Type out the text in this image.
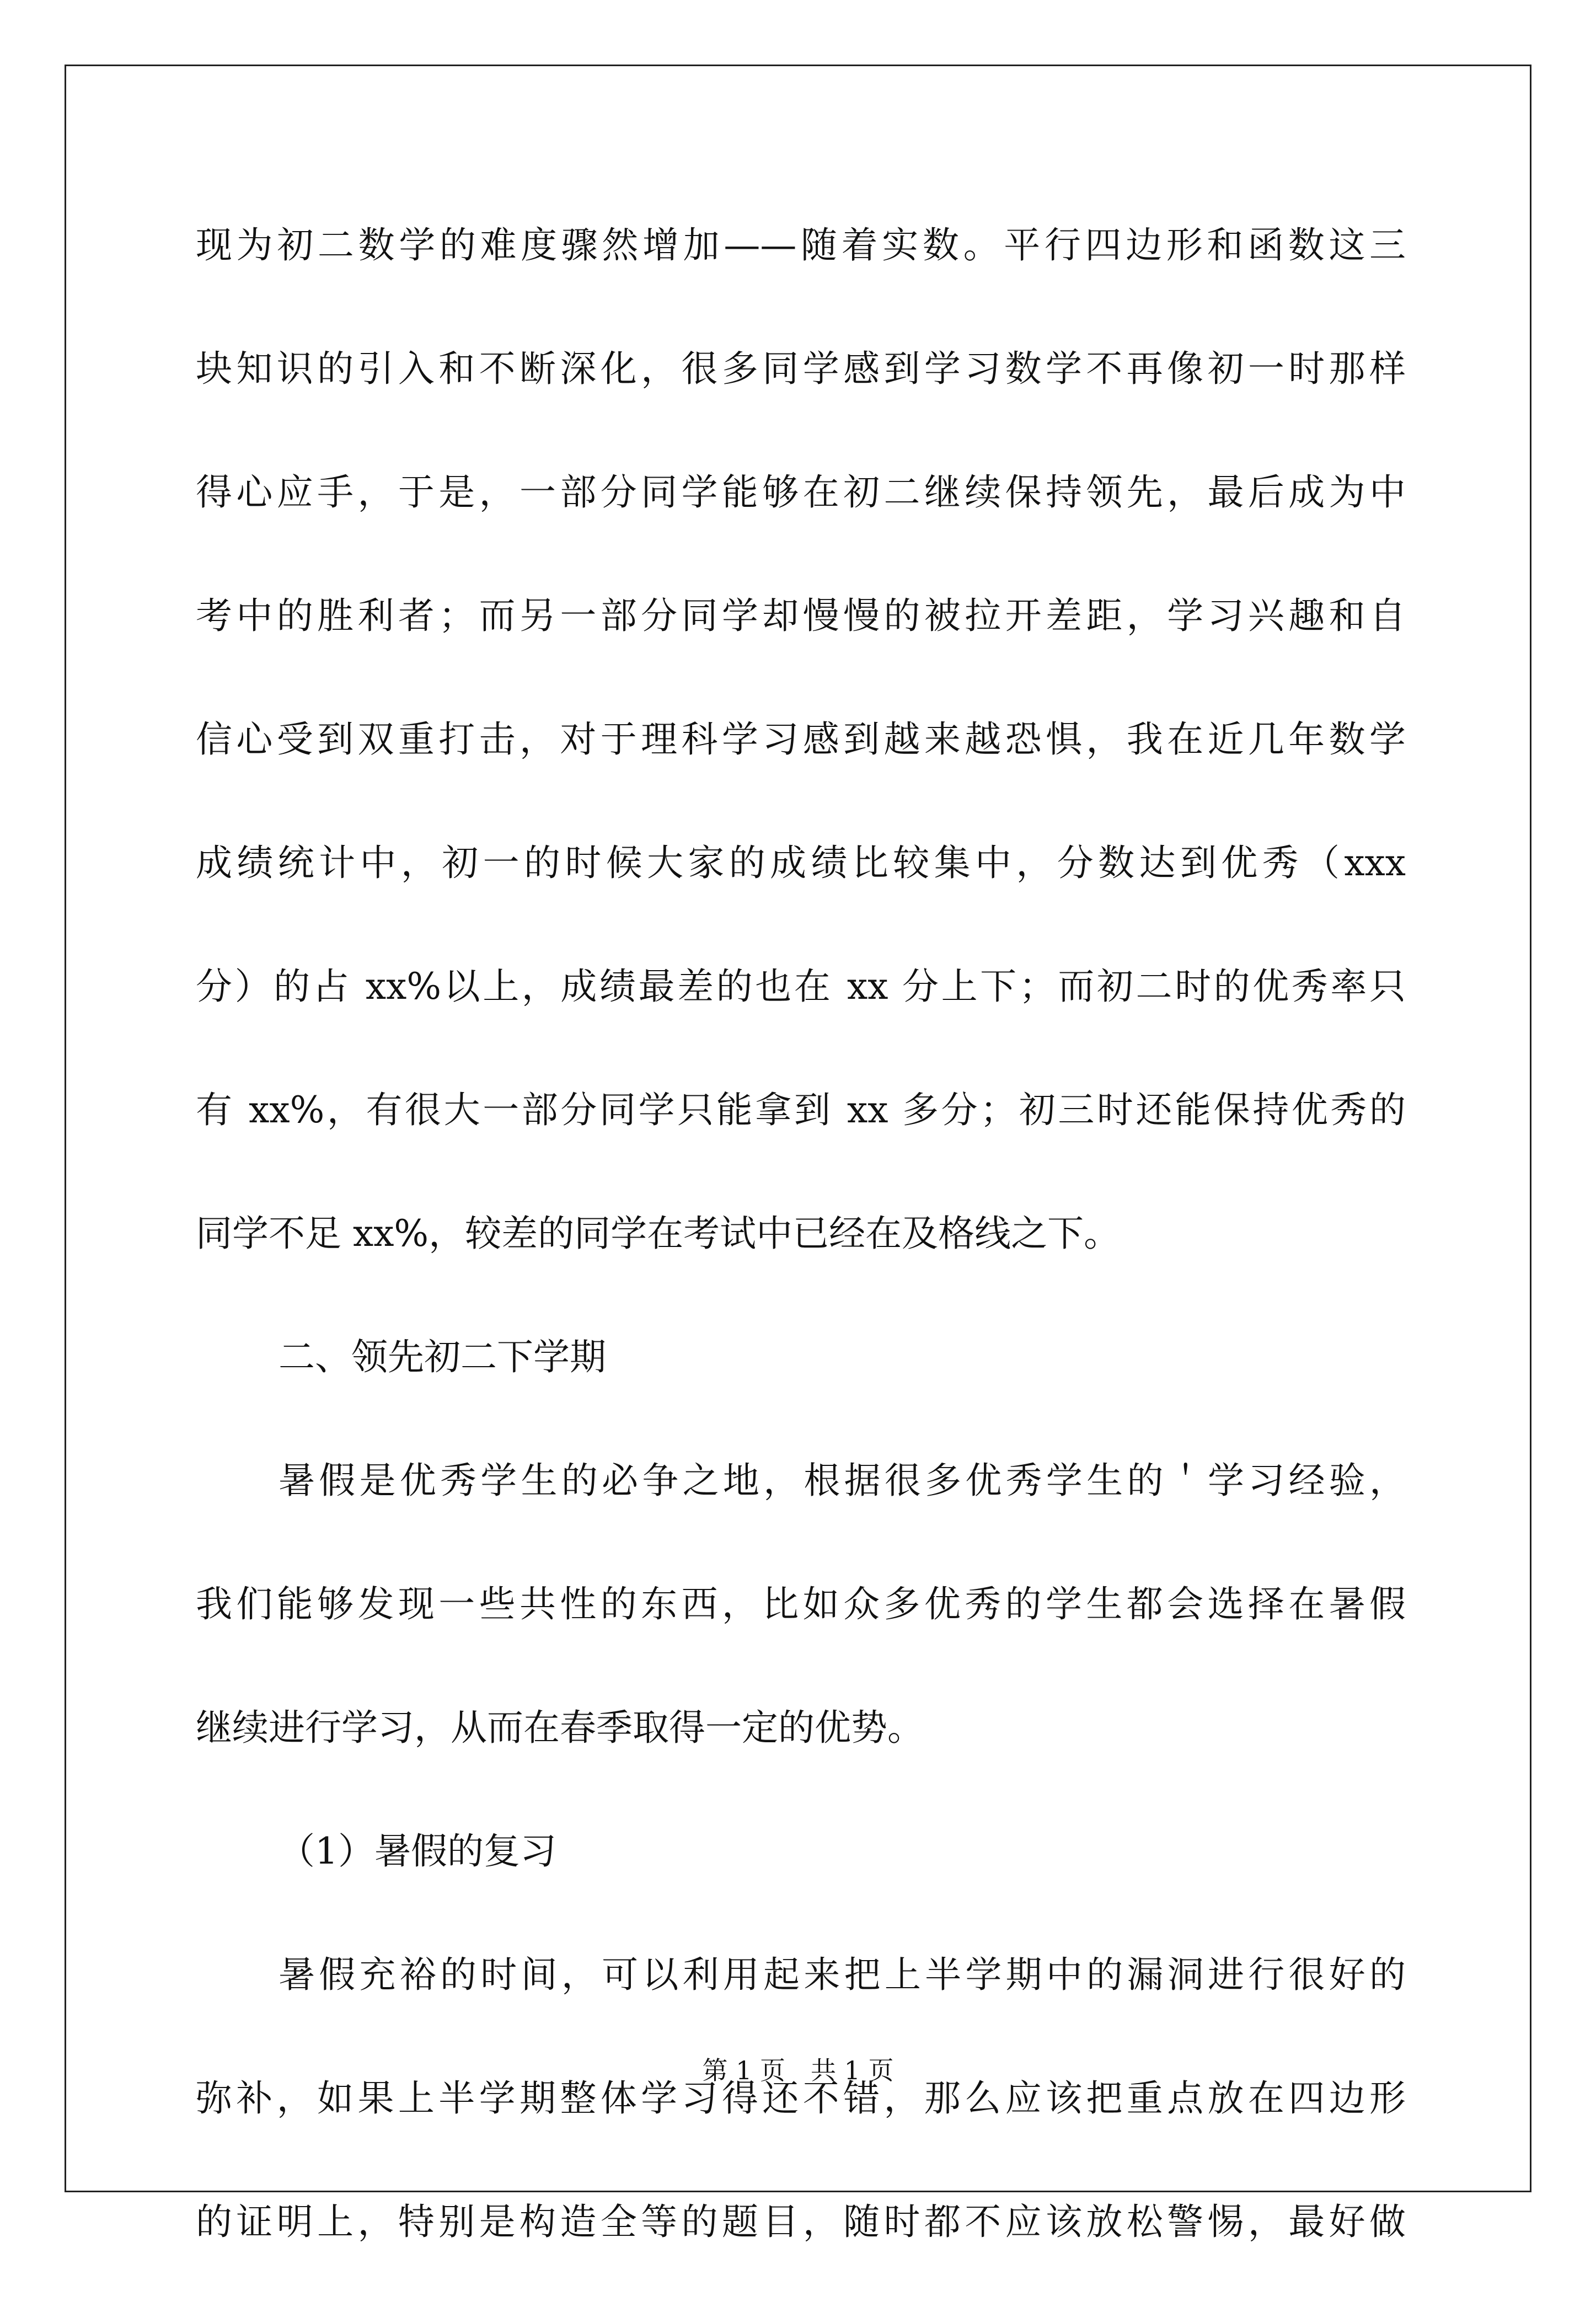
现为初二数学的难度骤然增加——随着实数。平行四边形和函数这三
块知识的引入和不断深化，很多同学感到学习数学不再像初一时那样
得心应手，于是，一部分同学能够在初二继续保持领先，最后成为中
考中的胜利者；而另一部分同学却慢慢的被拉开差距，学习兴趣和自
信心受到双重打击，对于理科学习感到越来越恐惧，我在近几年数学
成绩统计中，初一的时候大家的成绩比较集中，分数达到优秀（xxx
分）的占 xx%以上，成绩最差的也在 xx 分上下；而初二时的优秀率只
有 xx%，有很大一部分同学只能拿到 xx 多分；初三时还能保持优秀的
同学不足 xx%，较差的同学在考试中已经在及格线之下。
二、领先初二下学期
暑假是优秀学生的必争之地，根据很多优秀学生的＇学习经验，
我们能够发现一些共性的东西，比如众多优秀的学生都会选择在暑假
继续进行学习，从而在春季取得一定的优势。
（1）暑假的复习
暑假充裕的时间，可以利用起来把上半学期中的漏洞进行很好的
弥补，如果上半学期整体学习得还不错，那么应该把重点放在四边形
的证明上，特别是构造全等的题目，随时都不应该放松警惕，最好做
第 1 页　共 1 页
